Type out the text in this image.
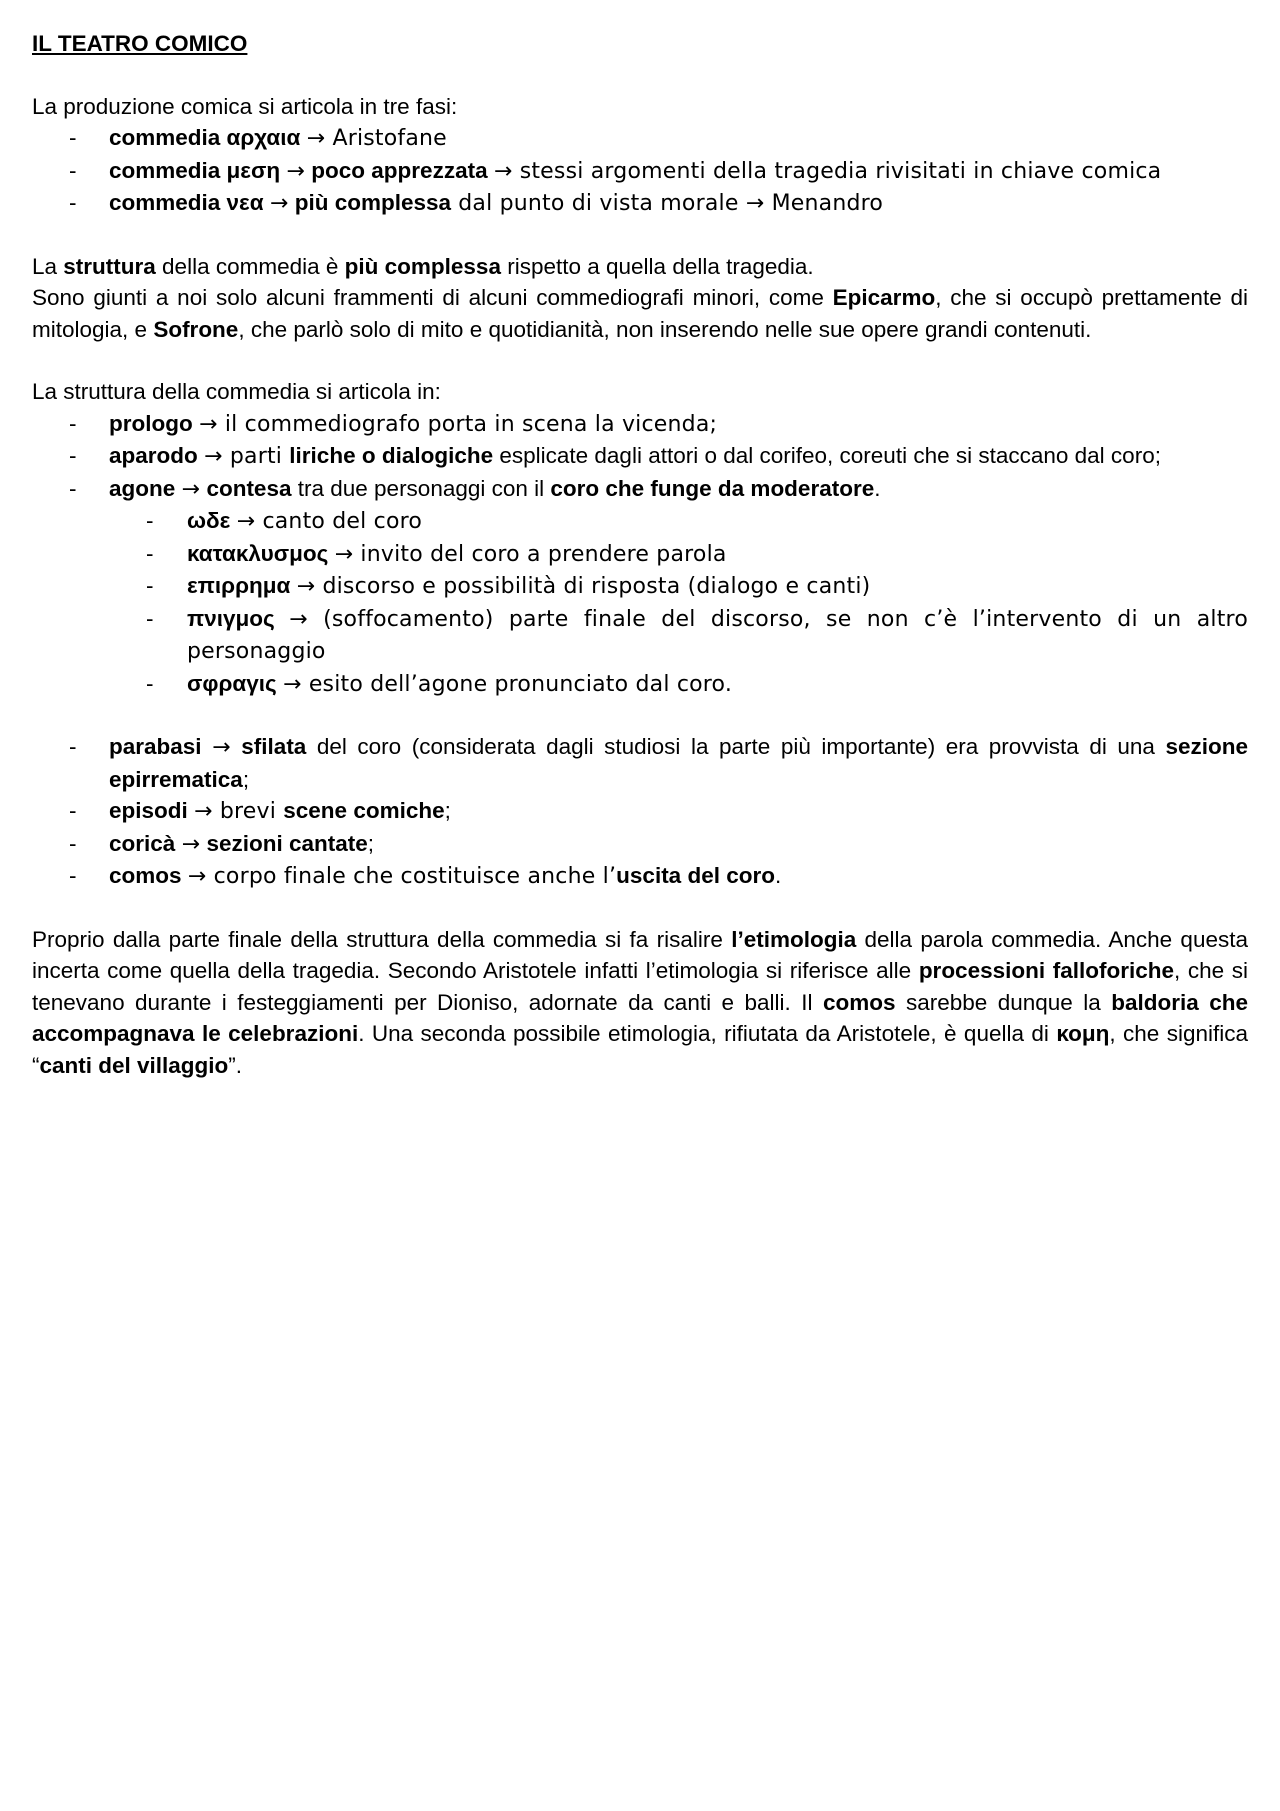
IL TEATRO COMICO

La produzione comica si articola in tre fasi:

- commedia αρχαια → Aristofane
- commedia μεση → poco apprezzata → stessi argomenti della tragedia rivisitati in chiave comica
- commedia νεα → più complessa dal punto di vista morale → Menandro

La struttura della commedia è più complessa rispetto a quella della tragedia.

Sono giunti a noi solo alcuni frammenti di alcuni commediografi minori, come Epicarmo, che si occupò prettamente di mitologia, e Sofrone, che parlò solo di mito e quotidianità, non inserendo nelle sue opere grandi contenuti.

La struttura della commedia si articola in:

- prologo → il commediografo porta in scena la vicenda;
- aparodo → parti liriche o dialogiche esplicate dagli attori o dal corifeo, coreuti che si staccano dal coro;
- agone → contesa tra due personaggi con il coro che funge da moderatore.
- ωδε → canto del coro
- κατακλυσμος → invito del coro a prendere parola
- επιρρημα → discorso e possibilità di risposta (dialogo e canti)
- πνιγμος → (soffocamento) parte finale del discorso, se non c’è l’intervento di un altro personaggio
- σφραγις → esito dell’agone pronunciato dal coro.
- parabasi → sfilata del coro (considerata dagli studiosi la parte più importante) era provvista di una sezione epirrematica;
- episodi → brevi scene comiche;
- coricà → sezioni cantate;
- comos → corpo finale che costituisce anche l’uscita del coro.

Proprio dalla parte finale della struttura della commedia si fa risalire l’etimologia della parola commedia. Anche questa incerta come quella della tragedia. Secondo Aristotele infatti l’etimologia si riferisce alle processioni falloforiche, che si tenevano durante i festeggiamenti per Dioniso, adornate da canti e balli. Il comos sarebbe dunque la baldoria che accompagnava le celebrazioni. Una seconda possibile etimologia, rifiutata da Aristotele, è quella di κομη, che significa “canti del villaggio”.
